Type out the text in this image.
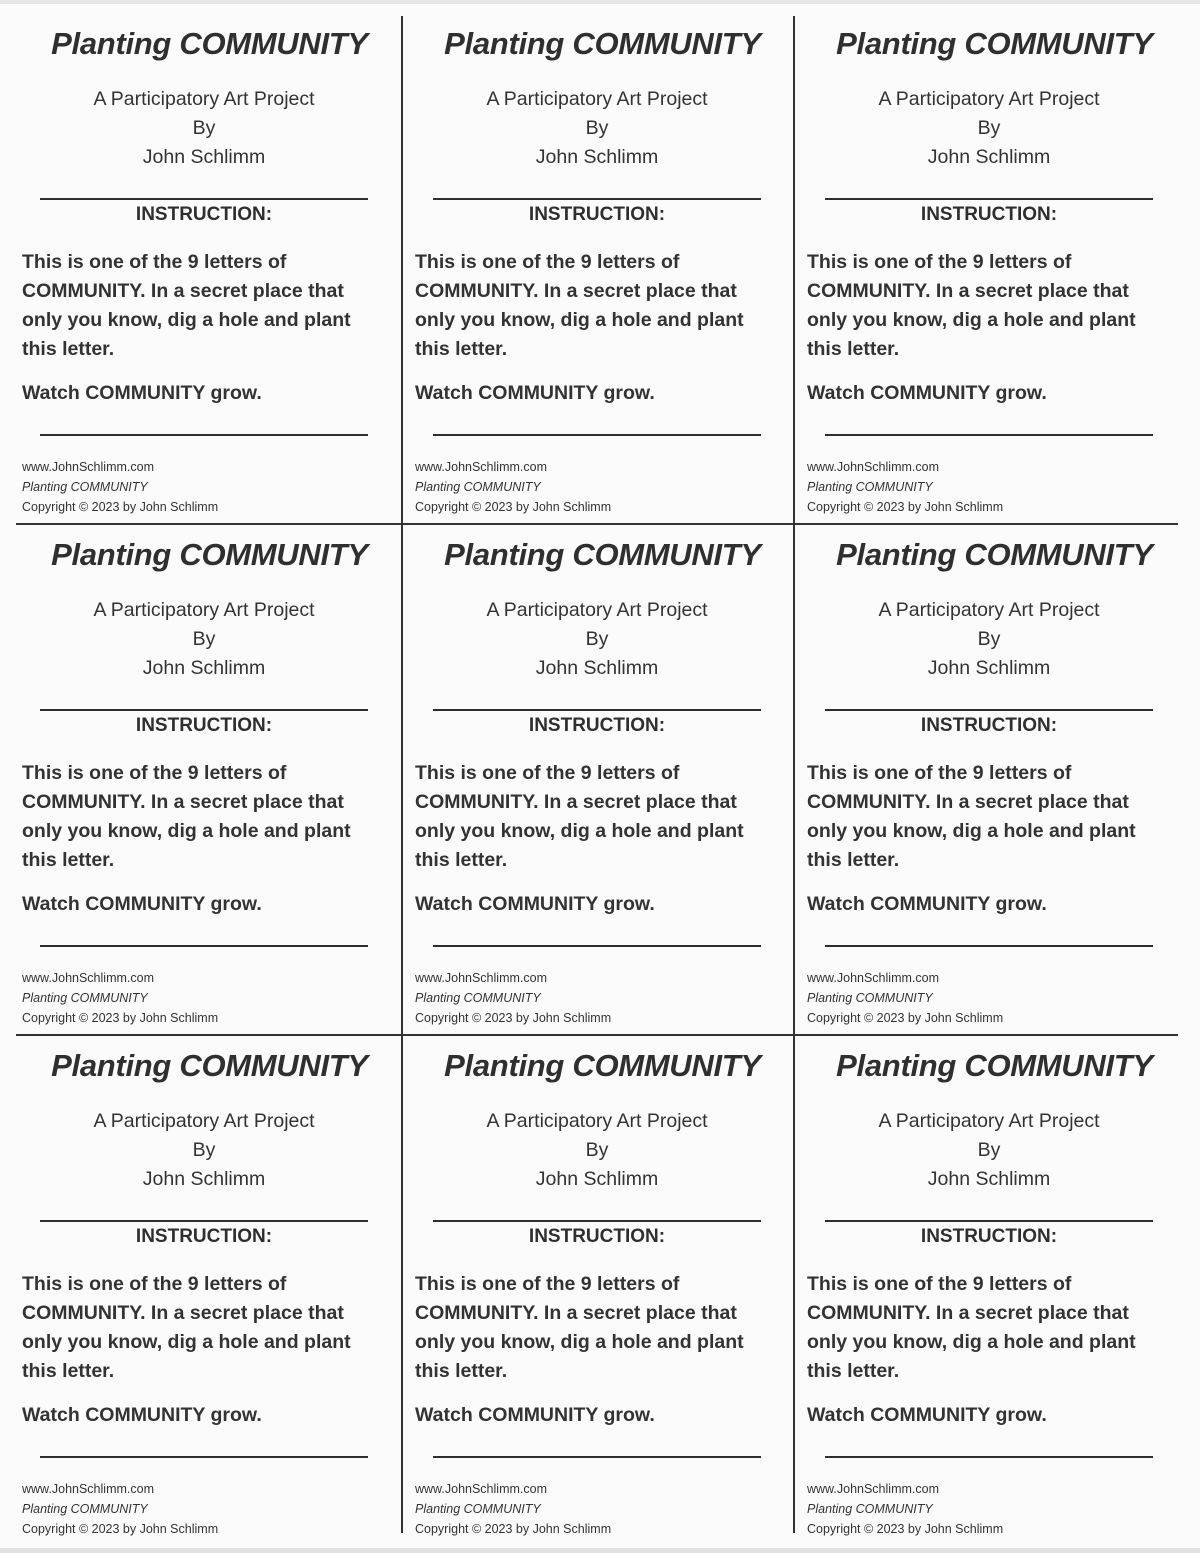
Planting COMMUNITY
A Participatory Art Project
By
John Schlimm
INSTRUCTION:
This is one of the 9 letters of
COMMUNITY. In a secret place that
only you know, dig a hole and plant
this letter.
Watch COMMUNITY grow.
www.JohnSchlimm.com
Planting COMMUNITY
Copyright © 2023 by John Schlimm
Planting COMMUNITY
A Participatory Art Project
By
John Schlimm
INSTRUCTION:
This is one of the 9 letters of
COMMUNITY. In a secret place that
only you know, dig a hole and plant
this letter.
Watch COMMUNITY grow.
www.JohnSchlimm.com
Planting COMMUNITY
Copyright © 2023 by John Schlimm
Planting COMMUNITY
A Participatory Art Project
By
John Schlimm
INSTRUCTION:
This is one of the 9 letters of
COMMUNITY. In a secret place that
only you know, dig a hole and plant
this letter.
Watch COMMUNITY grow.
www.JohnSchlimm.com
Planting COMMUNITY
Copyright © 2023 by John Schlimm
Planting COMMUNITY
A Participatory Art Project
By
John Schlimm
INSTRUCTION:
This is one of the 9 letters of
COMMUNITY. In a secret place that
only you know, dig a hole and plant
this letter.
Watch COMMUNITY grow.
www.JohnSchlimm.com
Planting COMMUNITY
Copyright © 2023 by John Schlimm
Planting COMMUNITY
A Participatory Art Project
By
John Schlimm
INSTRUCTION:
This is one of the 9 letters of
COMMUNITY. In a secret place that
only you know, dig a hole and plant
this letter.
Watch COMMUNITY grow.
www.JohnSchlimm.com
Planting COMMUNITY
Copyright © 2023 by John Schlimm
Planting COMMUNITY
A Participatory Art Project
By
John Schlimm
INSTRUCTION:
This is one of the 9 letters of
COMMUNITY. In a secret place that
only you know, dig a hole and plant
this letter.
Watch COMMUNITY grow.
www.JohnSchlimm.com
Planting COMMUNITY
Copyright © 2023 by John Schlimm
Planting COMMUNITY
A Participatory Art Project
By
John Schlimm
INSTRUCTION:
This is one of the 9 letters of
COMMUNITY. In a secret place that
only you know, dig a hole and plant
this letter.
Watch COMMUNITY grow.
www.JohnSchlimm.com
Planting COMMUNITY
Copyright © 2023 by John Schlimm
Planting COMMUNITY
A Participatory Art Project
By
John Schlimm
INSTRUCTION:
This is one of the 9 letters of
COMMUNITY. In a secret place that
only you know, dig a hole and plant
this letter.
Watch COMMUNITY grow.
www.JohnSchlimm.com
Planting COMMUNITY
Copyright © 2023 by John Schlimm
Planting COMMUNITY
A Participatory Art Project
By
John Schlimm
INSTRUCTION:
This is one of the 9 letters of
COMMUNITY. In a secret place that
only you know, dig a hole and plant
this letter.
Watch COMMUNITY grow.
www.JohnSchlimm.com
Planting COMMUNITY
Copyright © 2023 by John Schlimm
